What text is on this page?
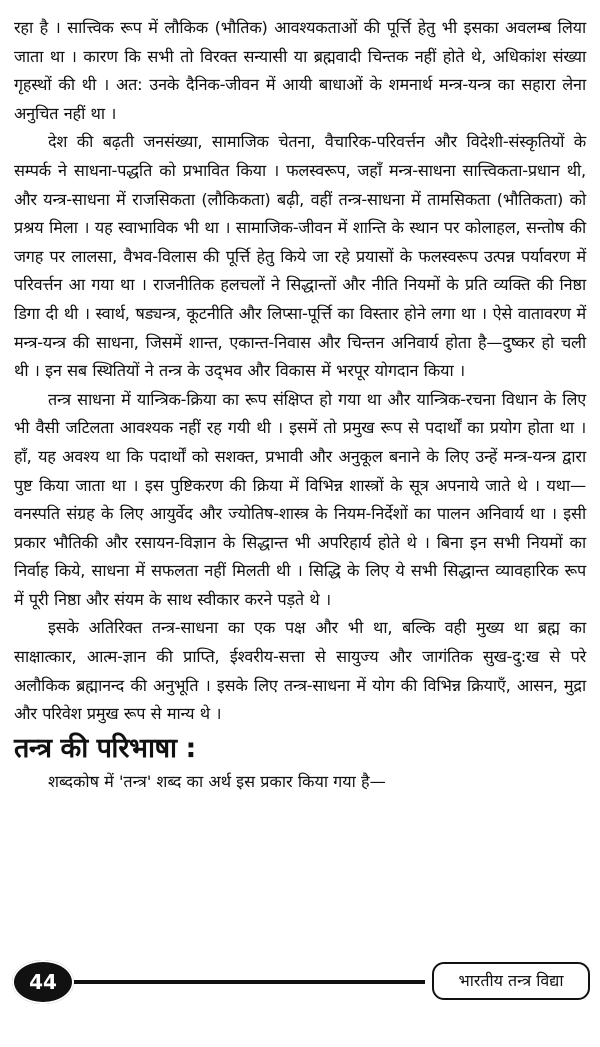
रहा है । सात्त्विक रूप में लौकिक (भौतिक) आवश्यकताओं की पूर्त्ति हेतु भी इसका अवलम्ब लिया जाता था । कारण कि सभी तो विरक्त सन्यासी या ब्रह्मवादी चिन्तक नहीं होते थे, अधिकांश संख्या गृहस्थों की थी । अत: उनके दैनिक-जीवन में आयी बाधाओं के शमनार्थ मन्त्र-यन्त्र का सहारा लेना अनुचित नहीं था ।

देश की बढ़ती जनसंख्या, सामाजिक चेतना, वैचारिक-परिवर्त्तन और विदेशी-संस्कृतियों के सम्पर्क ने साधना-पद्धति को प्रभावित किया । फलस्वरूप, जहाँ मन्त्र-साधना सात्त्विकता-प्रधान थी, और यन्त्र-साधना में राजसिकता (लौकिकता) बढ़ी, वहीं तन्त्र-साधना में तामसिकता (भौतिकता) को प्रश्रय मिला । यह स्वाभाविक भी था । सामाजिक-जीवन में शान्ति के स्थान पर कोलाहल, सन्तोष की जगह पर लालसा, वैभव-विलास की पूर्त्ति हेतु किये जा रहे प्रयासों के फलस्वरूप उत्पन्न पर्यावरण में परिवर्त्तन आ गया था । राजनीतिक हलचलों ने सिद्धान्तों और नीति नियमों के प्रति व्यक्ति की निष्ठा डिगा दी थी । स्वार्थ, षड्यन्त्र, कूटनीति और लिप्सा-पूर्त्ति का विस्तार होने लगा था । ऐसे वातावरण में मन्त्र-यन्त्र की साधना, जिसमें शान्त, एकान्त-निवास और चिन्तन अनिवार्य होता है—दुष्कर हो चली थी । इन सब स्थितियों ने तन्त्र के उद्‌भव और विकास में भरपूर योगदान किया ।

तन्त्र साधना में यान्त्रिक-क्रिया का रूप संक्षिप्त हो गया था और यान्त्रिक-रचना विधान के लिए भी वैसी जटिलता आवश्यक नहीं रह गयी थी । इसमें तो प्रमुख रूप से पदार्थों का प्रयोग होता था । हाँ, यह अवश्य था कि पदार्थों को सशक्त, प्रभावी और अनुकूल बनाने के लिए उन्हें मन्त्र-यन्त्र द्वारा पुष्ट किया जाता था । इस पुष्टिकरण की क्रिया में विभिन्न शास्त्रों के सूत्र अपनाये जाते थे । यथा—वनस्पति संग्रह के लिए आयुर्वेद और ज्योतिष-शास्त्र के नियम-निर्देशों का पालन अनिवार्य था । इसी प्रकार भौतिकी और रसायन-विज्ञान के सिद्धान्त भी अपरिहार्य होते थे । बिना इन सभी नियमों का निर्वाह किये, साधना में सफलता नहीं मिलती थी । सिद्धि के लिए ये सभी सिद्धान्त व्यावहारिक रूप में पूरी निष्ठा और संयम के साथ स्वीकार करने पड़ते थे ।

इसके अतिरिक्त तन्त्र-साधना का एक पक्ष और भी था, बल्कि वही मुख्य था ब्रह्म का साक्षात्कार, आत्म-ज्ञान की प्राप्ति, ईश्वरीय-सत्ता से सायुज्य और जागंतिक सुख-दु:ख से परे अलौकिक ब्रह्मानन्द की अनुभूति । इसके लिए तन्त्र-साधना में योग की विभिन्न क्रियाएँ, आसन, मुद्रा और परिवेश प्रमुख रूप से मान्य थे ।

तन्त्र की परिभाषा :

शब्दकोष में 'तन्त्र' शब्द का अर्थ इस प्रकार किया गया है—

44	भारतीय तन्त्र विद्या
